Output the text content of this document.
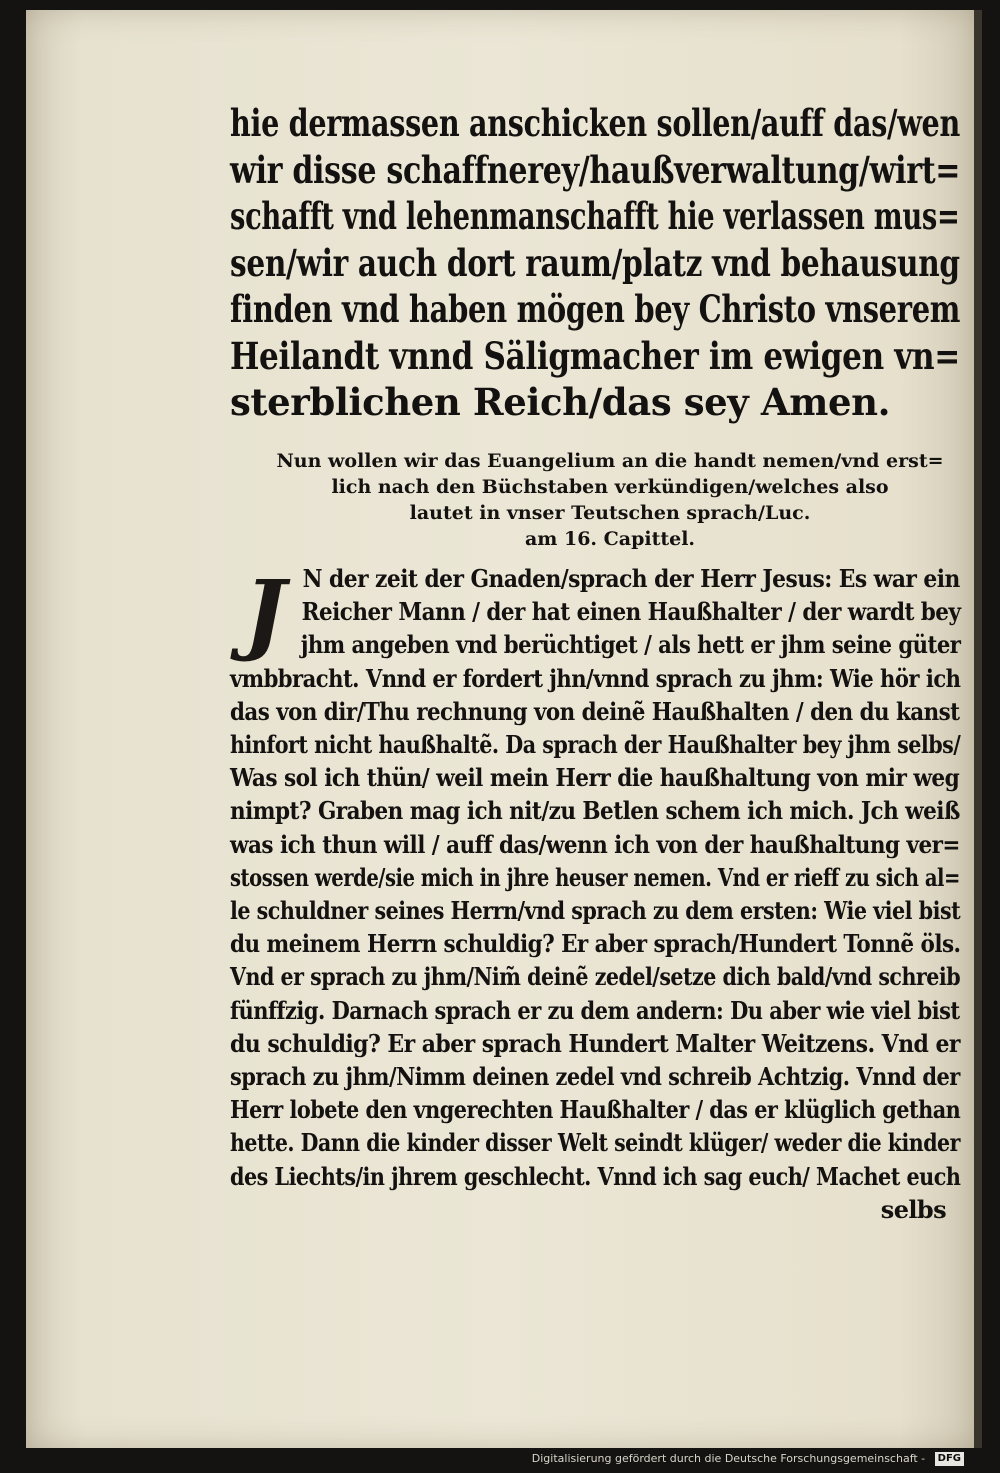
hie dermassen anschicken sollen/auff das/wen
wir disse schaffnerey/haußverwaltung/wirt=
schafft vnd lehenmanschafft hie verlassen mus=
sen/wir auch dort raum/platz vnd behausung
finden vnd haben mögen bey Christo vnserem
Heilandt vnnd Säligmacher im ewigen vn=
sterblichen Reich/das sey Amen.
Nun wollen wir das Euangelium an die handt nemen/vnd erst=
lich nach den Büchstaben verkündigen/welches also
lautet in vnser Teutschen sprach/Luc.
am 16. Capittel.
J N der zeit der Gnaden/sprach der Herr Jesus: Es war ein
Reicher Mann / der hat einen Haußhalter / der wardt bey
jhm angeben vnd berüchtiget / als hett er jhm seine güter
vmbbracht. Vnnd er fordert jhn/vnnd sprach zu jhm: Wie hör ich
das von dir/Thu rechnung von deinẽ Haußhalten / den du kanst
hinfort nicht haußhaltẽ. Da sprach der Haußhalter bey jhm selbs/
Was sol ich thün/ weil mein Herr die haußhaltung von mir weg
nimpt? Graben mag ich nit/zu Betlen schem ich mich. Jch weiß
was ich thun will / auff das/wenn ich von der haußhaltung ver=
stossen werde/sie mich in jhre heuser nemen. Vnd er rieff zu sich al=
le schuldner seines Herrn/vnd sprach zu dem ersten: Wie viel bist
du meinem Herrn schuldig? Er aber sprach/Hundert Tonnẽ öls.
Vnd er sprach zu jhm/Nim̃ deinẽ zedel/setze dich bald/vnd schreib
fünffzig. Darnach sprach er zu dem andern: Du aber wie viel bist
du schuldig? Er aber sprach Hundert Malter Weitzens. Vnd er
sprach zu jhm/Nimm deinen zedel vnd schreib Achtzig. Vnnd der
Herr lobete den vngerechten Haußhalter / das er klüglich gethan
hette. Dann die kinder disser Welt seindt klüger/ weder die kinder
des Liechts/in jhrem geschlecht. Vnnd ich sag euch/ Machet euch
selbs
Digitalisierung gefördert durch die Deutsche Forschungsgemeinschaft - DFG
